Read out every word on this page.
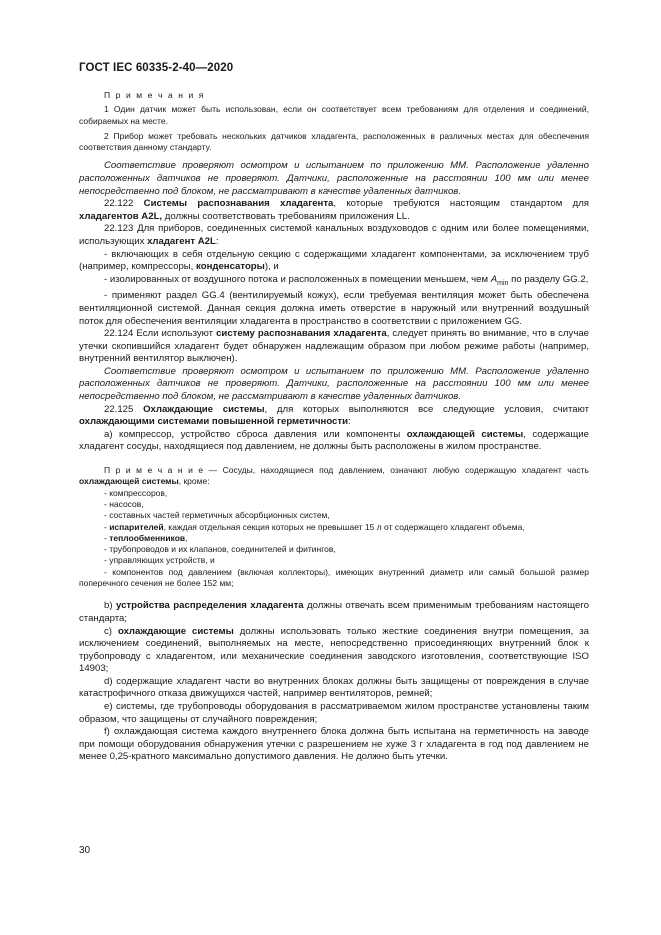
ГОСТ IEC 60335-2-40—2020

П р и м е ч а н и я

1 Один датчик может быть использован, если он соответствует всем требованиям для отделения и соединений, собираемых на месте.

2 Прибор может требовать нескольких датчиков хладагента, расположенных в различных местах для обеспечения соответствия данному стандарту.

Соответствие проверяют осмотром и испытанием по приложению ММ. Расположение удаленно расположенных датчиков не проверяют. Датчики, расположенные на расстоянии 100 мм или менее непосредственно под блоком, не рассматривают в качестве удаленных датчиков.

22.122 Системы распознавания хладагента, которые требуются настоящим стандартом для хладагентов A2L, должны соответствовать требованиям приложения LL.

22.123 Для приборов, соединенных системой канальных воздуховодов с одним или более помещениями, использующих хладагент A2L:

- включающих в себя отдельную секцию с содержащими хладагент компонентами, за исключением труб (например, компрессоры, конденсаторы), и

- изолированных от воздушного потока и расположенных в помещении меньшем, чем $A_{min}$ по разделу GG.2,

- применяют раздел GG.4 (вентилируемый кожух), если требуемая вентиляция может быть обеспечена вентиляционной системой. Данная секция должна иметь отверстие в наружный или внутренний воздушный поток для обеспечения вентиляции хладагента в пространство в соответствии с приложением GG.

22.124 Если используют систему распознавания хладагента, следует принять во внимание, что в случае утечки скопившийся хладагент будет обнаружен надлежащим образом при любом режиме работы (например, внутренний вентилятор выключен).

Соответствие проверяют осмотром и испытанием по приложению ММ. Расположение удаленно расположенных датчиков не проверяют. Датчики, расположенные на расстоянии 100 мм или менее непосредственно под блоком, не рассматривают в качестве удаленных датчиков.

22.125 Охлаждающие системы, для которых выполняются все следующие условия, считают охлаждающими системами повышенной герметичности:

a) компрессор, устройство сброса давления или компоненты охлаждающей системы, содержащие хладагент сосуды, находящиеся под давлением, не должны быть расположены в жилом пространстве.

П р и м е ч а н и е — Сосуды, находящиеся под давлением, означают любую содержащую хладагент часть охлаждающей системы, кроме:

- компрессоров,
- насосов,
- составных частей герметичных абсорбционных систем,
- испарителей, каждая отдельная секция которых не превышает 15 л от содержащего хладагент объема,
- теплообменников,
- трубопроводов и их клапанов, соединителей и фитингов,
- управляющих устройств, и
- компонентов под давлением (включая коллекторы), имеющих внутренний диаметр или самый большой размер поперечного сечения не более 152 мм;

b) устройства распределения хладагента должны отвечать всем применимым требованиям настоящего стандарта;

c) охлаждающие системы должны использовать только жесткие соединения внутри помещения, за исключением соединений, выполняемых на месте, непосредственно присоединяющих внутренний блок к трубопроводу с хладагентом, или механические соединения заводского изготовления, соответствующие ISO 14903;

d) содержащие хладагент части во внутренних блоках должны быть защищены от повреждения в случае катастрофичного отказа движущихся частей, например вентиляторов, ремней;

e) системы, где трубопроводы оборудования в рассматриваемом жилом пространстве установлены таким образом, что защищены от случайного повреждения;

f) охлаждающая система каждого внутреннего блока должна быть испытана на герметичность на заводе при помощи оборудования обнаружения утечки с разрешением не хуже 3 г хладагента в год под давлением не менее 0,25-кратного максимально допустимого давления. Не должно быть утечки.

30
